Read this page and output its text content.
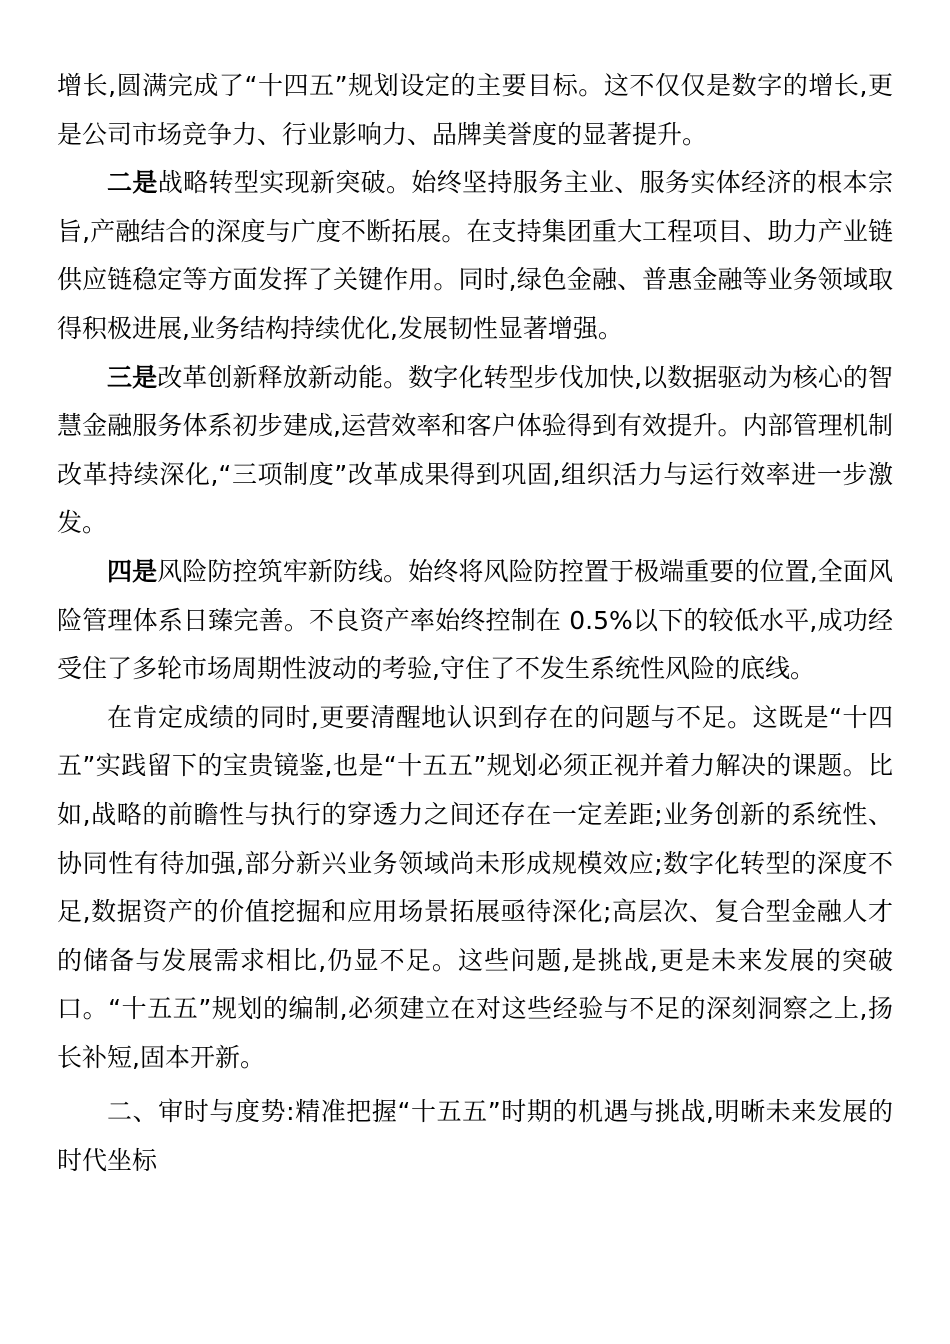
增长,圆满完成了“十四五”规划设定的主要目标。这不仅仅是数字的增长,更是公司市场竞争力、行业影响力、品牌美誉度的显著提升。

二是战略转型实现新突破。始终坚持服务主业、服务实体经济的根本宗旨,产融结合的深度与广度不断拓展。在支持集团重大工程项目、助力产业链供应链稳定等方面发挥了关键作用。同时,绿色金融、普惠金融等业务领域取得积极进展,业务结构持续优化,发展韧性显著增强。

三是改革创新释放新动能。数字化转型步伐加快,以数据驱动为核心的智慧金融服务体系初步建成,运营效率和客户体验得到有效提升。内部管理机制改革持续深化,“三项制度”改革成果得到巩固,组织活力与运行效率进一步激发。

四是风险防控筑牢新防线。始终将风险防控置于极端重要的位置,全面风险管理体系日臻完善。不良资产率始终控制在 0.5%以下的较低水平,成功经受住了多轮市场周期性波动的考验,守住了不发生系统性风险的底线。

在肯定成绩的同时,更要清醒地认识到存在的问题与不足。这既是“十四五”实践留下的宝贵镜鉴,也是“十五五”规划必须正视并着力解决的课题。比如,战略的前瞻性与执行的穿透力之间还存在一定差距;业务创新的系统性、协同性有待加强,部分新兴业务领域尚未形成规模效应;数字化转型的深度不足,数据资产的价值挖掘和应用场景拓展亟待深化;高层次、复合型金融人才的储备与发展需求相比,仍显不足。这些问题,是挑战,更是未来发展的突破口。“十五五”规划的编制,必须建立在对这些经验与不足的深刻洞察之上,扬长补短,固本开新。

二、审时与度势:精准把握“十五五”时期的机遇与挑战,明晰未来发展的时代坐标
